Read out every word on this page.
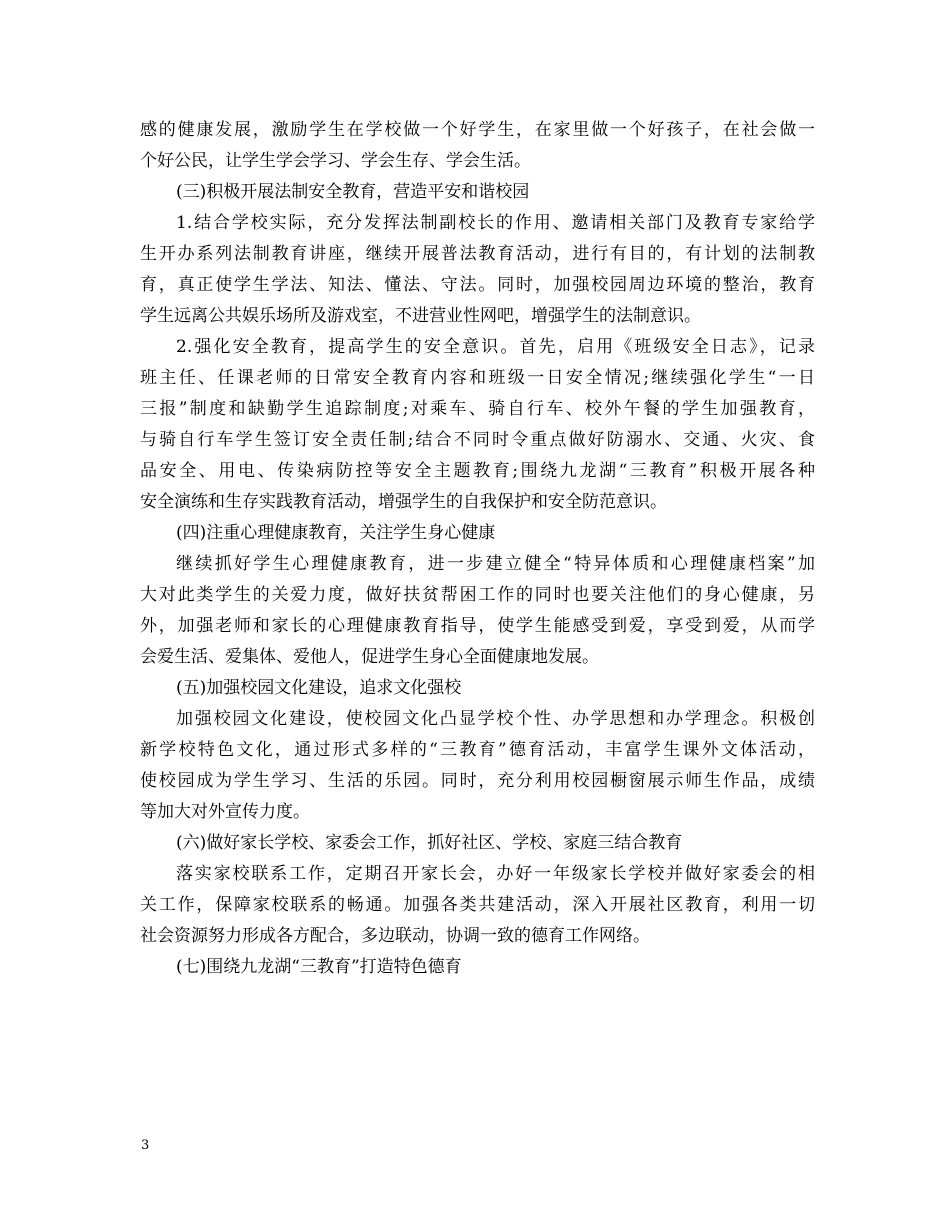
感的健康发展，激励学生在学校做一个好学生，在家里做一个好孩子，在社会做一
个好公民，让学生学会学习、学会生存、学会生活。
(三)积极开展法制安全教育，营造平安和谐校园
1.结合学校实际，充分发挥法制副校长的作用、邀请相关部门及教育专家给学
生开办系列法制教育讲座，继续开展普法教育活动，进行有目的，有计划的法制教
育，真正使学生学法、知法、懂法、守法。同时，加强校园周边环境的整治，教育
学生远离公共娱乐场所及游戏室，不进营业性网吧，增强学生的法制意识。
2.强化安全教育，提高学生的安全意识。首先，启用《班级安全日志》，记录
班主任、任课老师的日常安全教育内容和班级一日安全情况;继续强化学生“一日
三报”制度和缺勤学生追踪制度;对乘车、骑自行车、校外午餐的学生加强教育，
与骑自行车学生签订安全责任制;结合不同时令重点做好防溺水、交通、火灾、食
品安全、用电、传染病防控等安全主题教育;围绕九龙湖“三教育”积极开展各种
安全演练和生存实践教育活动，增强学生的自我保护和安全防范意识。
(四)注重心理健康教育，关注学生身心健康
继续抓好学生心理健康教育，进一步建立健全“特异体质和心理健康档案”加
大对此类学生的关爱力度，做好扶贫帮困工作的同时也要关注他们的身心健康，另
外，加强老师和家长的心理健康教育指导，使学生能感受到爱，享受到爱，从而学
会爱生活、爱集体、爱他人，促进学生身心全面健康地发展。
(五)加强校园文化建设，追求文化强校
加强校园文化建设，使校园文化凸显学校个性、办学思想和办学理念。积极创
新学校特色文化，通过形式多样的“三教育”德育活动，丰富学生课外文体活动，
使校园成为学生学习、生活的乐园。同时，充分利用校园橱窗展示师生作品，成绩
等加大对外宣传力度。
(六)做好家长学校、家委会工作，抓好社区、学校、家庭三结合教育
落实家校联系工作，定期召开家长会，办好一年级家长学校并做好家委会的相
关工作，保障家校联系的畅通。加强各类共建活动，深入开展社区教育，利用一切
社会资源努力形成各方配合，多边联动，协调一致的德育工作网络。
(七)围绕九龙湖“三教育”打造特色德育
3
